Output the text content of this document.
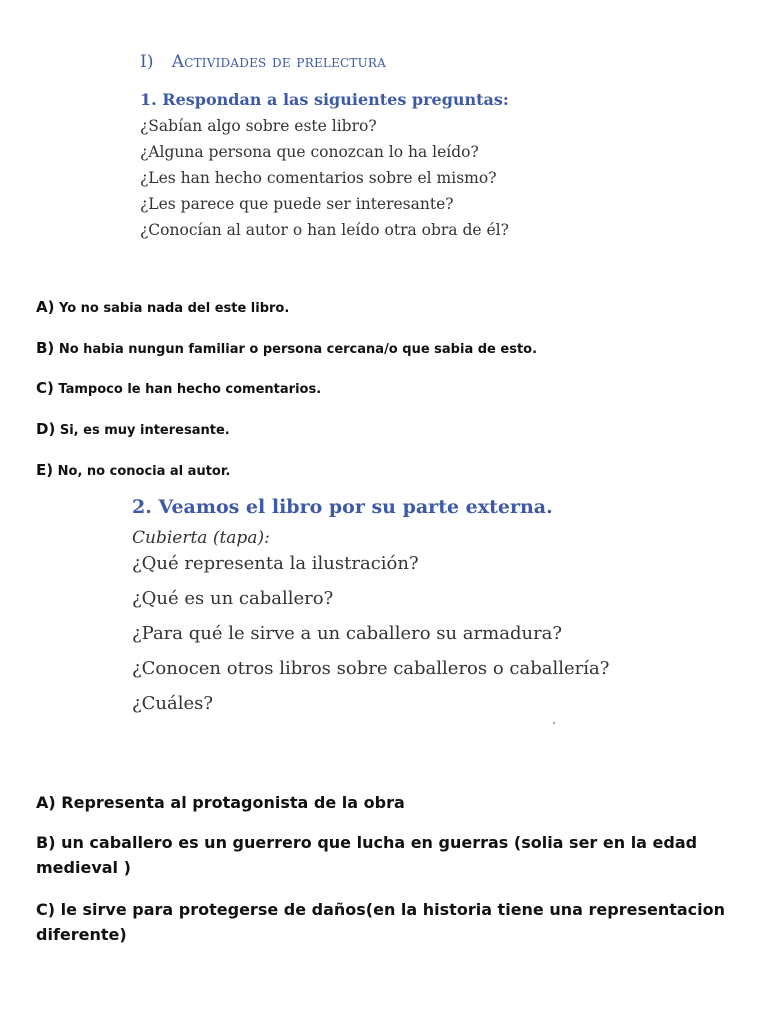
I) Actividades de prelectura
1. Respondan a las siguientes preguntas:
¿Sabían algo sobre este libro?
¿Alguna persona que conozcan lo ha leído?
¿Les han hecho comentarios sobre el mismo?
¿Les parece que puede ser interesante?
¿Conocían al autor o han leído otra obra de él?
A) Yo no sabia nada del este libro.
B) No habia nungun familiar o persona cercana/o que sabia de esto.
C) Tampoco le han hecho comentarios.
D) Si, es muy interesante.
E) No, no conocia al autor.
2. Veamos el libro por su parte externa.
Cubierta (tapa):
¿Qué representa la ilustración?
¿Qué es un caballero?
¿Para qué le sirve a un caballero su armadura?
¿Conocen otros libros sobre caballeros o caballería?
¿Cuáles?
A) Representa al protagonista de la obra
B) un caballero es un guerrero que lucha en guerras (solia ser en la edad medieval )
C) le sirve para protegerse de daños(en la historia tiene una representacion diferente)
